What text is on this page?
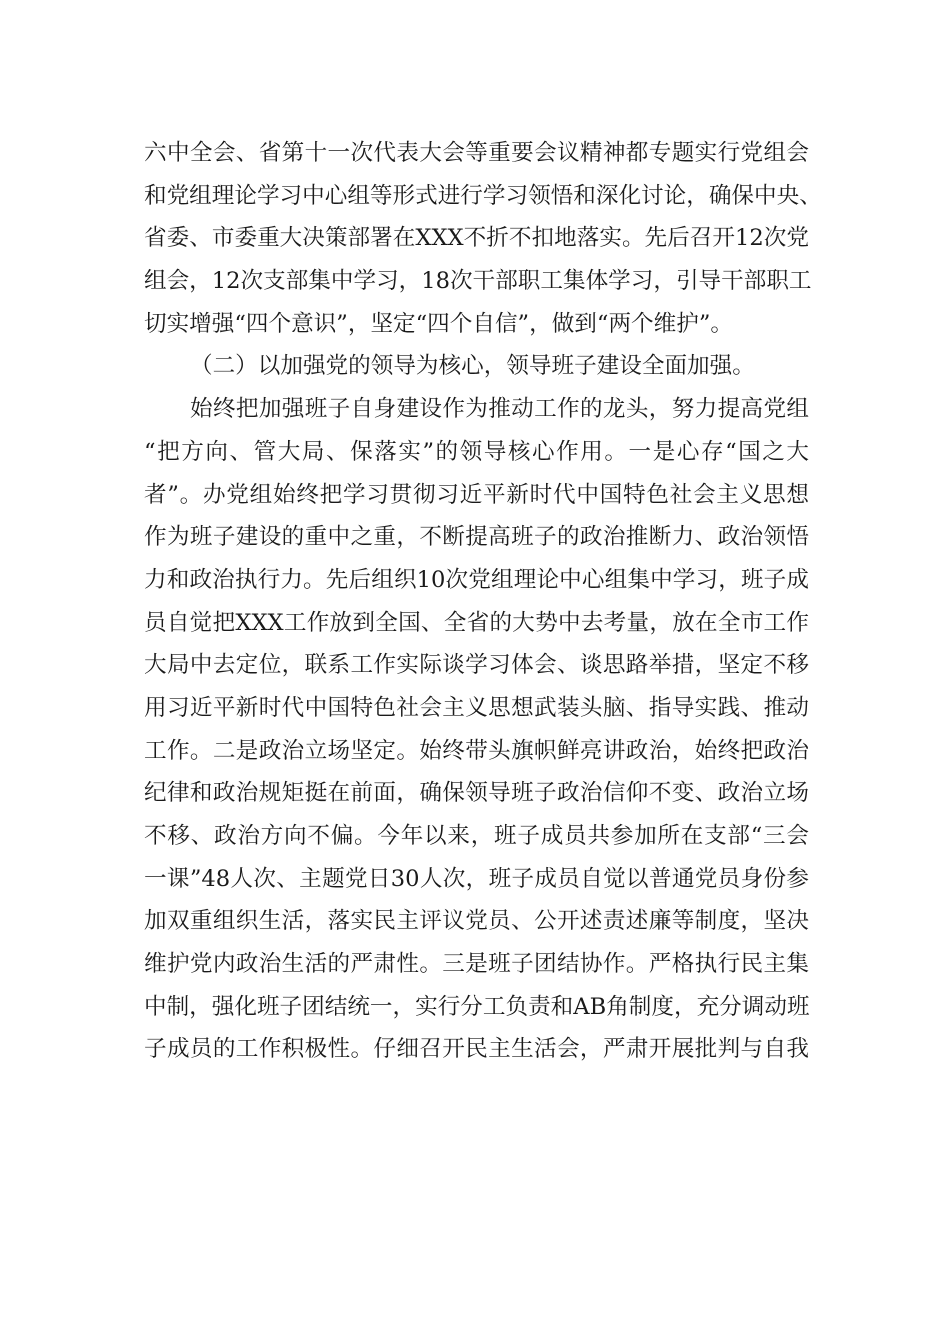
六中全会、省第十一次代表大会等重要会议精神都专题实行党组会
和党组理论学习中心组等形式进行学习领悟和深化讨论，确保中央、
省委、市委重大决策部署在XXX不折不扣地落实。先后召开12次党
组会，12次支部集中学习，18次干部职工集体学习，引导干部职工
切实增强“四个意识”，坚定“四个自信”，做到“两个维护”。
（二）以加强党的领导为核心，领导班子建设全面加强。
始终把加强班子自身建设作为推动工作的龙头，努力提高党组
“把方向、管大局、保落实”的领导核心作用。一是心存“国之大
者”。办党组始终把学习贯彻习近平新时代中国特色社会主义思想
作为班子建设的重中之重，不断提高班子的政治推断力、政治领悟
力和政治执行力。先后组织10次党组理论中心组集中学习，班子成
员自觉把XXX工作放到全国、全省的大势中去考量，放在全市工作
大局中去定位，联系工作实际谈学习体会、谈思路举措，坚定不移
用习近平新时代中国特色社会主义思想武装头脑、指导实践、推动
工作。二是政治立场坚定。始终带头旗帜鲜亮讲政治，始终把政治
纪律和政治规矩挺在前面，确保领导班子政治信仰不变、政治立场
不移、政治方向不偏。今年以来，班子成员共参加所在支部“三会
一课”48人次、主题党日30人次，班子成员自觉以普通党员身份参
加双重组织生活，落实民主评议党员、公开述责述廉等制度，坚决
维护党内政治生活的严肃性。三是班子团结协作。严格执行民主集
中制，强化班子团结统一，实行分工负责和AB角制度，充分调动班
子成员的工作积极性。仔细召开民主生活会，严肃开展批判与自我
